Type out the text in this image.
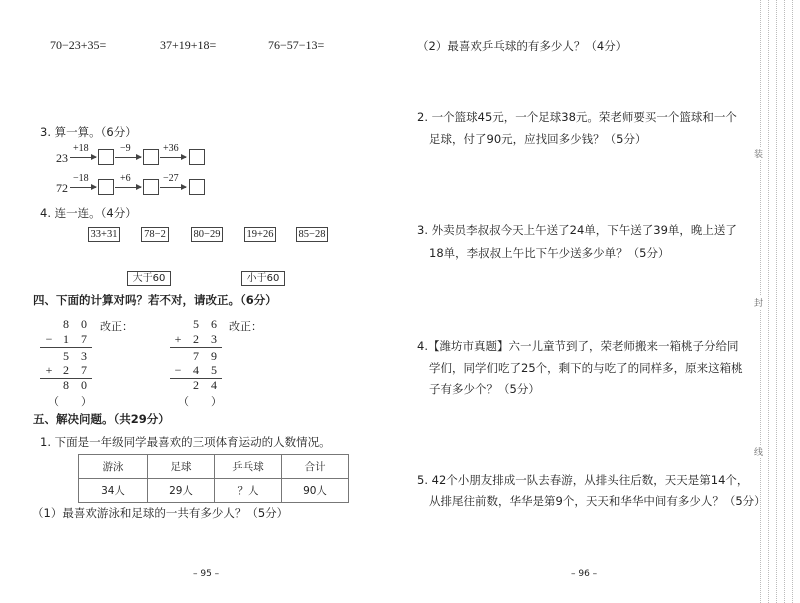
70−23+35=	37+19+18=	76−57−13=
3. 算一算。（6分）
23
+18	−9	+36
72
−18	+6	−27
4. 连一连。（4分）
33+31	78−2	80−29 19+26 85−28
大于60	小于60
四、下面的计算对吗？若不对，请改正。（6分）
8 0
− 1 7
5 3
+ 2 7
8 0
改正：
（　　）
5 6
+ 2 3
7 9
− 4 5
2 4
改正：
（　　）
五、解决问题。（共29分）
1. 下面是一年级同学最喜欢的三项体育运动的人数情况。
游泳	足球	乒乓球	合计
34人	29人	？人	90人
（1）最喜欢游泳和足球的一共有多少人？（5分）
– 95 –
（2）最喜欢乒乓球的有多少人？（4分）
2. 一个篮球45元，一个足球38元。荣老师要买一个篮球和一个
足球，付了90元，应找回多少钱？（5分）
3. 外卖员李叔叔今天上午送了24单，下午送了39单，晚上送了
18单，李叔叔上午比下午少送多少单？（5分）
4.【潍坊市真题】六一儿童节到了，荣老师搬来一箱桃子分给同
学们，同学们吃了25个，剩下的与吃了的同样多，原来这箱桃
子有多少个？（5分）
5. 42个小朋友排成一队去春游，从排头往后数，天天是第14个，
从排尾往前数，华华是第9个，天天和华华中间有多少人？（5分）
– 96 –
装
封
线
